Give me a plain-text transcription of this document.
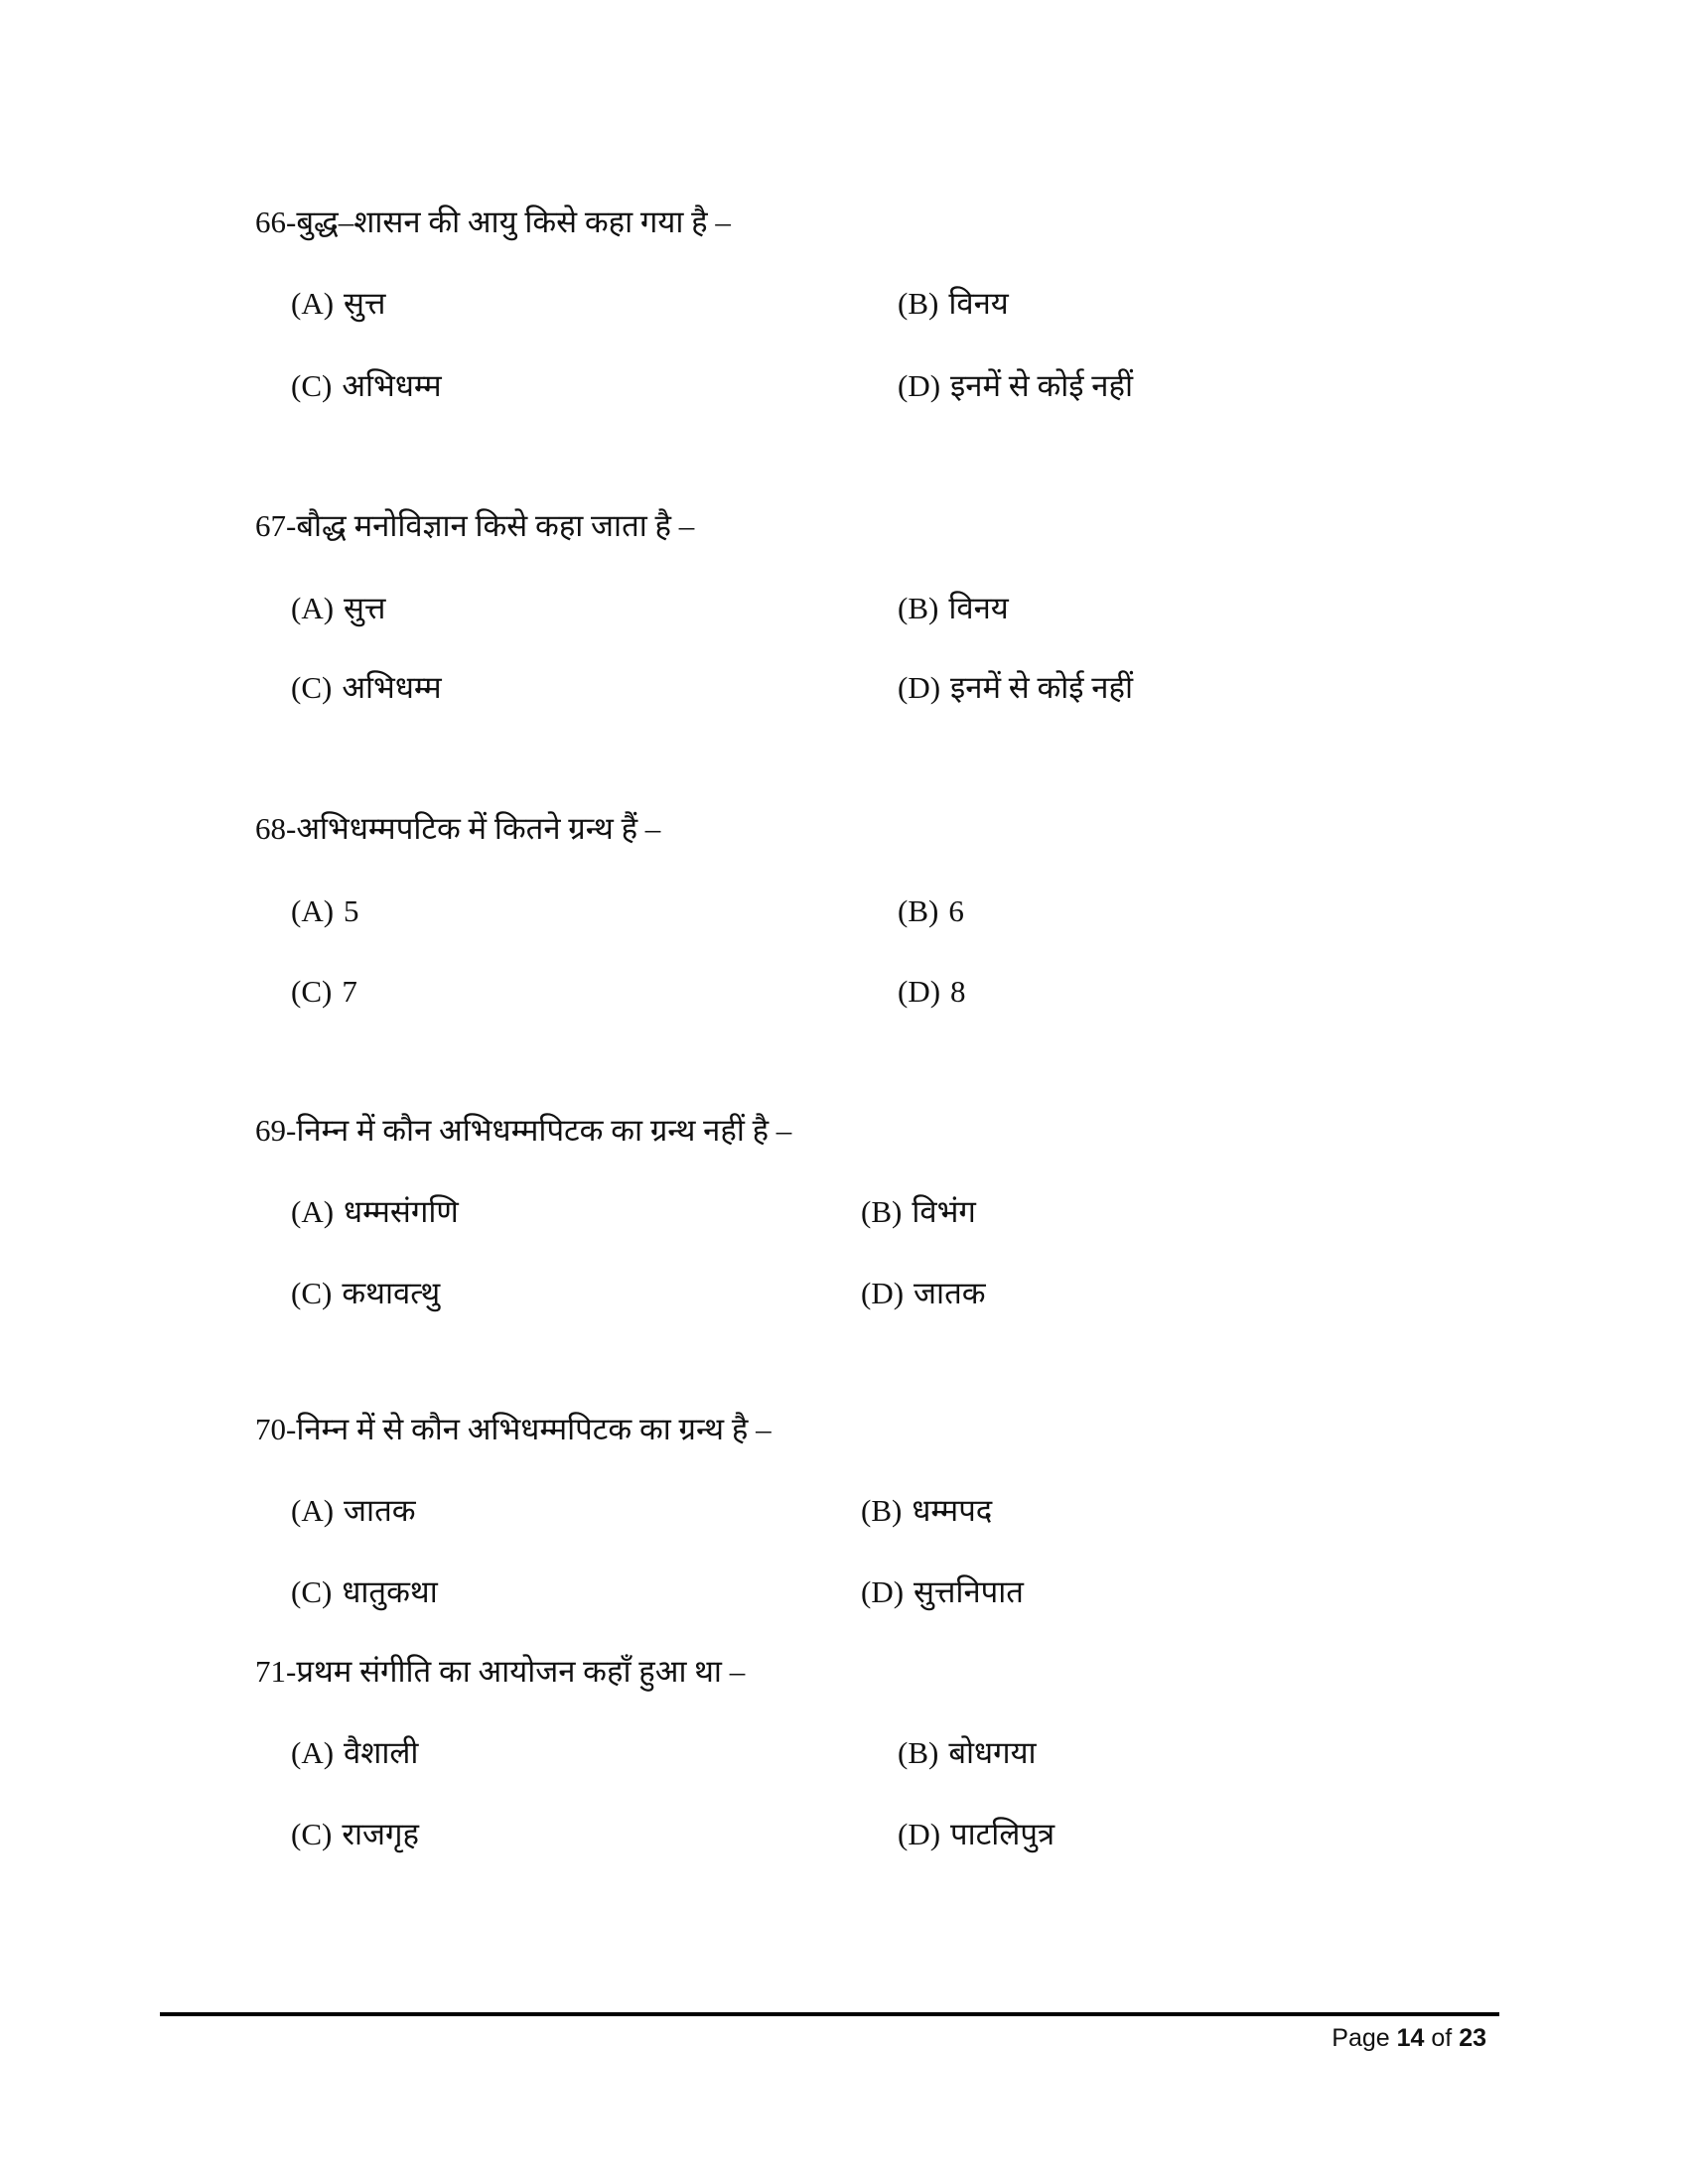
66-बुद्ध–शासन की आयु किसे कहा गया है –
(A) सुत्त	(B) विनय
(C) अभिधम्म	(D) इनमें से कोई नहीं
67-बौद्ध मनोविज्ञान किसे कहा जाता है –
(A) सुत्त	(B) विनय
(C) अभिधम्म	(D) इनमें से कोई नहीं
68-अभिधम्मपटिक में कितने ग्रन्थ हैं –
(A) 5	(B) 6
(C) 7	(D) 8
69-निम्न में कौन अभिधम्मपिटक का ग्रन्थ नहीं है –
(A) धम्मसंगणि	(B) विभंग
(C) कथावत्थु	(D) जातक
70-निम्न में से कौन अभिधम्मपिटक का ग्रन्थ है –
(A) जातक	(B) धम्मपद
(C) धातुकथा	(D) सुत्तनिपात
71-प्रथम संगीति का आयोजन कहाँ हुआ था –
(A) वैशाली	(B) बोधगया
(C) राजगृह	(D) पाटलिपुत्र
Page 14 of 23
